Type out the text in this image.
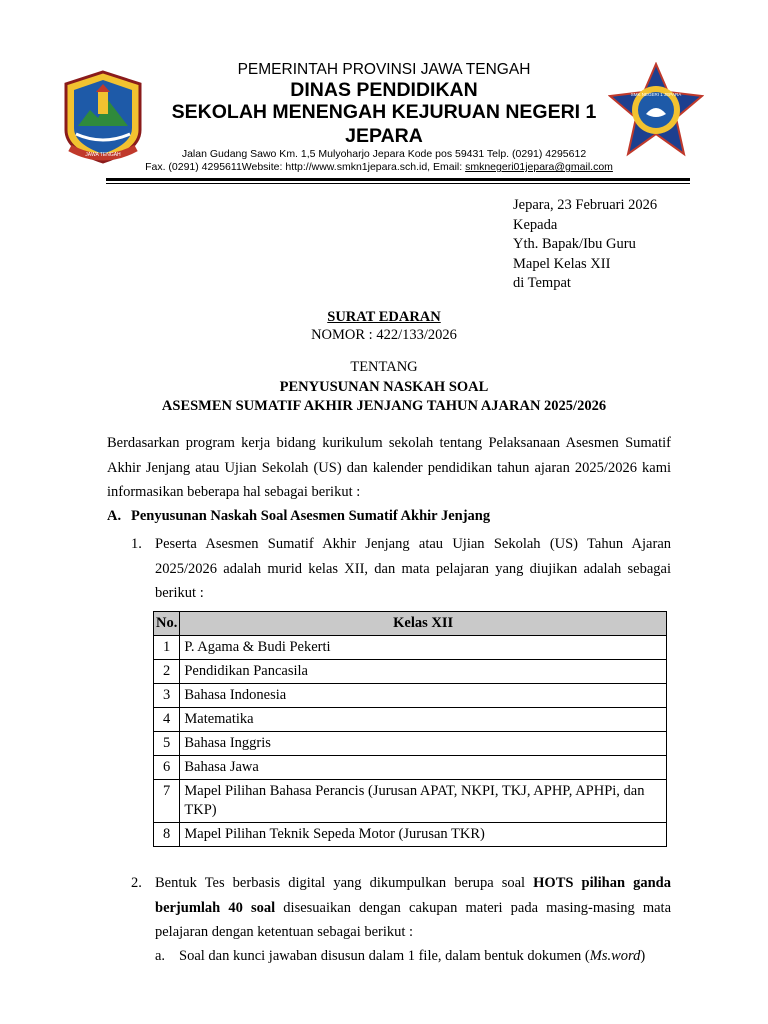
JAWA TENGAH
SMK NEGERI 1 JEPARA
PEMERINTAH PROVINSI JAWA TENGAH
DINAS PENDIDIKAN
SEKOLAH MENENGAH KEJURUAN NEGERI 1
JEPARA
Jalan Gudang Sawo Km. 1,5 Mulyoharjo Jepara Kode pos 59431 Telp. (0291) 4295612
Fax. (0291) 4295611Website: http://www.smkn1jepara.sch.id, Email: smknegeri01jepara@gmail.com
Jepara, 23 Februari 2026
Kepada
Yth. Bapak/Ibu Guru
Mapel Kelas XII
di Tempat
SURAT EDARAN
NOMOR : 422/133/2026
TENTANG
PENYUSUNAN NASKAH SOAL
ASESMEN SUMATIF AKHIR JENJANG TAHUN AJARAN 2025/2026
Berdasarkan program kerja bidang kurikulum sekolah tentang Pelaksanaan Asesmen Sumatif Akhir Jenjang atau Ujian Sekolah (US) dan kalender pendidikan tahun ajaran 2025/2026 kami informasikan beberapa hal sebagai berikut :
A. Penyusunan Naskah Soal Asesmen Sumatif Akhir Jenjang
1. Peserta Asesmen Sumatif Akhir Jenjang atau Ujian Sekolah (US) Tahun Ajaran 2025/2026 adalah murid kelas XII, dan mata pelajaran yang diujikan adalah sebagai berikut :
No.	Kelas XII
1	P. Agama & Budi Pekerti
2	Pendidikan Pancasila
3	Bahasa Indonesia
4	Matematika
5	Bahasa Inggris
6	Bahasa Jawa
7	Mapel Pilihan Bahasa Perancis (Jurusan APAT, NKPI, TKJ, APHP, APHPi, dan TKP)
8	Mapel Pilihan Teknik Sepeda Motor (Jurusan TKR)
2. Bentuk Tes berbasis digital yang dikumpulkan berupa soal HOTS pilihan ganda berjumlah 40 soal disesuaikan dengan cakupan materi pada masing-masing mata pelajaran dengan ketentuan sebagai berikut :
a. Soal dan kunci jawaban disusun dalam 1 file, dalam bentuk dokumen (Ms.word)
